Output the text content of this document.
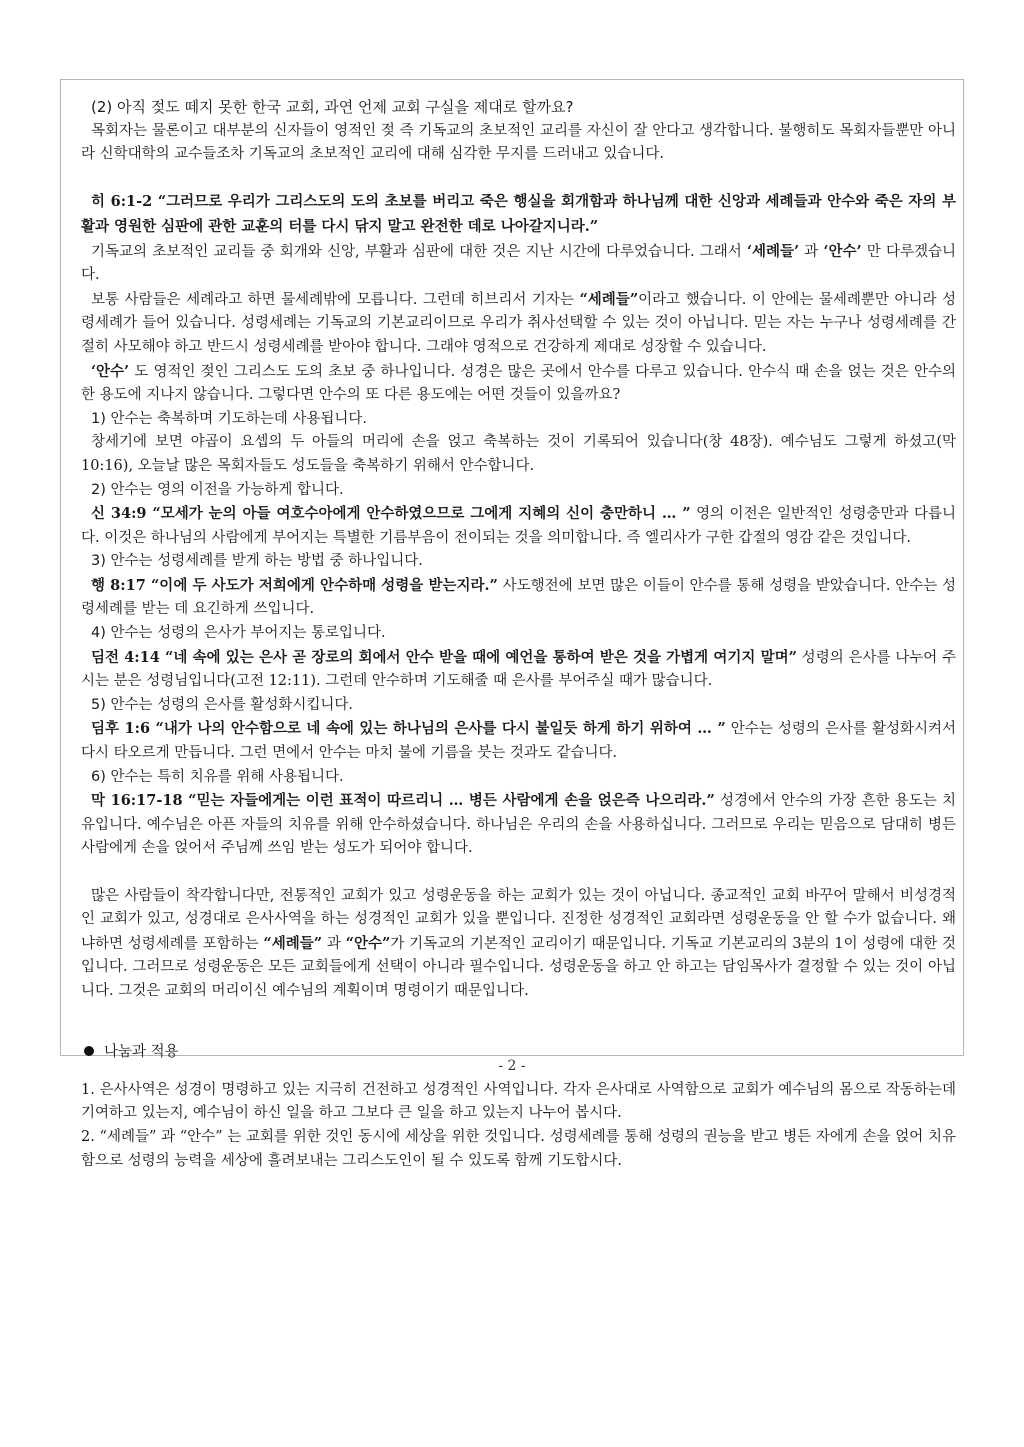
(2) 아직 젖도 떼지 못한 한국 교회, 과연 언제 교회 구실을 제대로 할까요?

목회자는 물론이고 대부분의 신자들이 영적인 젖 즉 기독교의 초보적인 교리를 자신이 잘 안다고 생각합니다. 불행히도 목회자들뿐만 아니라 신학대학의 교수들조차 기독교의 초보적인 교리에 대해 심각한 무지를 드러내고 있습니다.

히 6:1-2 “그러므로 우리가 그리스도의 도의 초보를 버리고 죽은 행실을 회개함과 하나님께 대한 신앙과 세례들과 안수와 죽은 자의 부활과 영원한 심판에 관한 교훈의 터를 다시 닦지 말고 완전한 데로 나아갈지니라.”

기독교의 초보적인 교리들 중 회개와 신앙, 부활과 심판에 대한 것은 지난 시간에 다루었습니다. 그래서 ‘세례들’ 과 ‘안수’ 만 다루겠습니다.

보통 사람들은 세례라고 하면 물세례밖에 모릅니다. 그런데 히브리서 기자는 “세례들”이라고 했습니다. 이 안에는 물세례뿐만 아니라 성령세례가 들어 있습니다. 성령세례는 기독교의 기본교리이므로 우리가 취사선택할 수 있는 것이 아닙니다. 믿는 자는 누구나 성령세례를 간절히 사모해야 하고 반드시 성령세례를 받아야 합니다. 그래야 영적으로 건강하게 제대로 성장할 수 있습니다.

‘안수’ 도 영적인 젖인 그리스도 도의 초보 중 하나입니다. 성경은 많은 곳에서 안수를 다루고 있습니다. 안수식 때 손을 얹는 것은 안수의 한 용도에 지나지 않습니다. 그렇다면 안수의 또 다른 용도에는 어떤 것들이 있을까요?

1) 안수는 축복하며 기도하는데 사용됩니다.

창세기에 보면 야곱이 요셉의 두 아들의 머리에 손을 얹고 축복하는 것이 기록되어 있습니다(창 48장). 예수님도 그렇게 하셨고(막 10:16), 오늘날 많은 목회자들도 성도들을 축복하기 위해서 안수합니다.

2) 안수는 영의 이전을 가능하게 합니다.

신 34:9 “모세가 눈의 아들 여호수아에게 안수하였으므로 그에게 지혜의 신이 충만하니 … ” 영의 이전은 일반적인 성령충만과 다릅니다. 이것은 하나님의 사람에게 부어지는 특별한 기름부음이 전이되는 것을 의미합니다. 즉 엘리사가 구한 갑절의 영감 같은 것입니다.

3) 안수는 성령세례를 받게 하는 방법 중 하나입니다.

행 8:17 “이에 두 사도가 저희에게 안수하매 성령을 받는지라.” 사도행전에 보면 많은 이들이 안수를 통해 성령을 받았습니다. 안수는 성령세례를 받는 데 요긴하게 쓰입니다.

4) 안수는 성령의 은사가 부어지는 통로입니다.

딤전 4:14 “네 속에 있는 은사 곧 장로의 회에서 안수 받을 때에 예언을 통하여 받은 것을 가볍게 여기지 말며” 성령의 은사를 나누어 주시는 분은 성령님입니다(고전 12:11). 그런데 안수하며 기도해줄 때 은사를 부어주실 때가 많습니다.

5) 안수는 성령의 은사를 활성화시킵니다.

딤후 1:6 “내가 나의 안수함으로 네 속에 있는 하나님의 은사를 다시 불일듯 하게 하기 위하여 … ” 안수는 성령의 은사를 활성화시켜서 다시 타오르게 만듭니다. 그런 면에서 안수는 마치 불에 기름을 붓는 것과도 같습니다.

6) 안수는 특히 치유를 위해 사용됩니다.

막 16:17-18 “믿는 자들에게는 이런 표적이 따르리니 … 병든 사람에게 손을 얹은즉 나으리라.” 성경에서 안수의 가장 흔한 용도는 치유입니다. 예수님은 아픈 자들의 치유를 위해 안수하셨습니다. 하나님은 우리의 손을 사용하십니다. 그러므로 우리는 믿음으로 담대히 병든 사람에게 손을 얹어서 주님께 쓰임 받는 성도가 되어야 합니다.

많은 사람들이 착각합니다만, 전통적인 교회가 있고 성령운동을 하는 교회가 있는 것이 아닙니다. 종교적인 교회 바꾸어 말해서 비성경적인 교회가 있고, 성경대로 은사사역을 하는 성경적인 교회가 있을 뿐입니다. 진정한 성경적인 교회라면 성령운동을 안 할 수가 없습니다. 왜냐하면 성령세례를 포함하는 “세례들” 과 “안수”가 기독교의 기본적인 교리이기 때문입니다. 기독교 기본교리의 3분의 1이 성령에 대한 것입니다. 그러므로 성령운동은 모든 교회들에게 선택이 아니라 필수입니다. 성령운동을 하고 안 하고는 담임목사가 결정할 수 있는 것이 아닙니다. 그것은 교회의 머리이신 예수님의 계획이며 명령이기 때문입니다.

나눔과 적용

1. 은사사역은 성경이 명령하고 있는 지극히 건전하고 성경적인 사역입니다. 각자 은사대로 사역함으로 교회가 예수님의 몸으로 작동하는데 기여하고 있는지, 예수님이 하신 일을 하고 그보다 큰 일을 하고 있는지 나누어 봅시다.

2. “세례들” 과 “안수” 는 교회를 위한 것인 동시에 세상을 위한 것입니다. 성령세례를 통해 성령의 권능을 받고 병든 자에게 손을 얹어 치유함으로 성령의 능력을 세상에 흘려보내는 그리스도인이 될 수 있도록 함께 기도합시다.

- 2 -
